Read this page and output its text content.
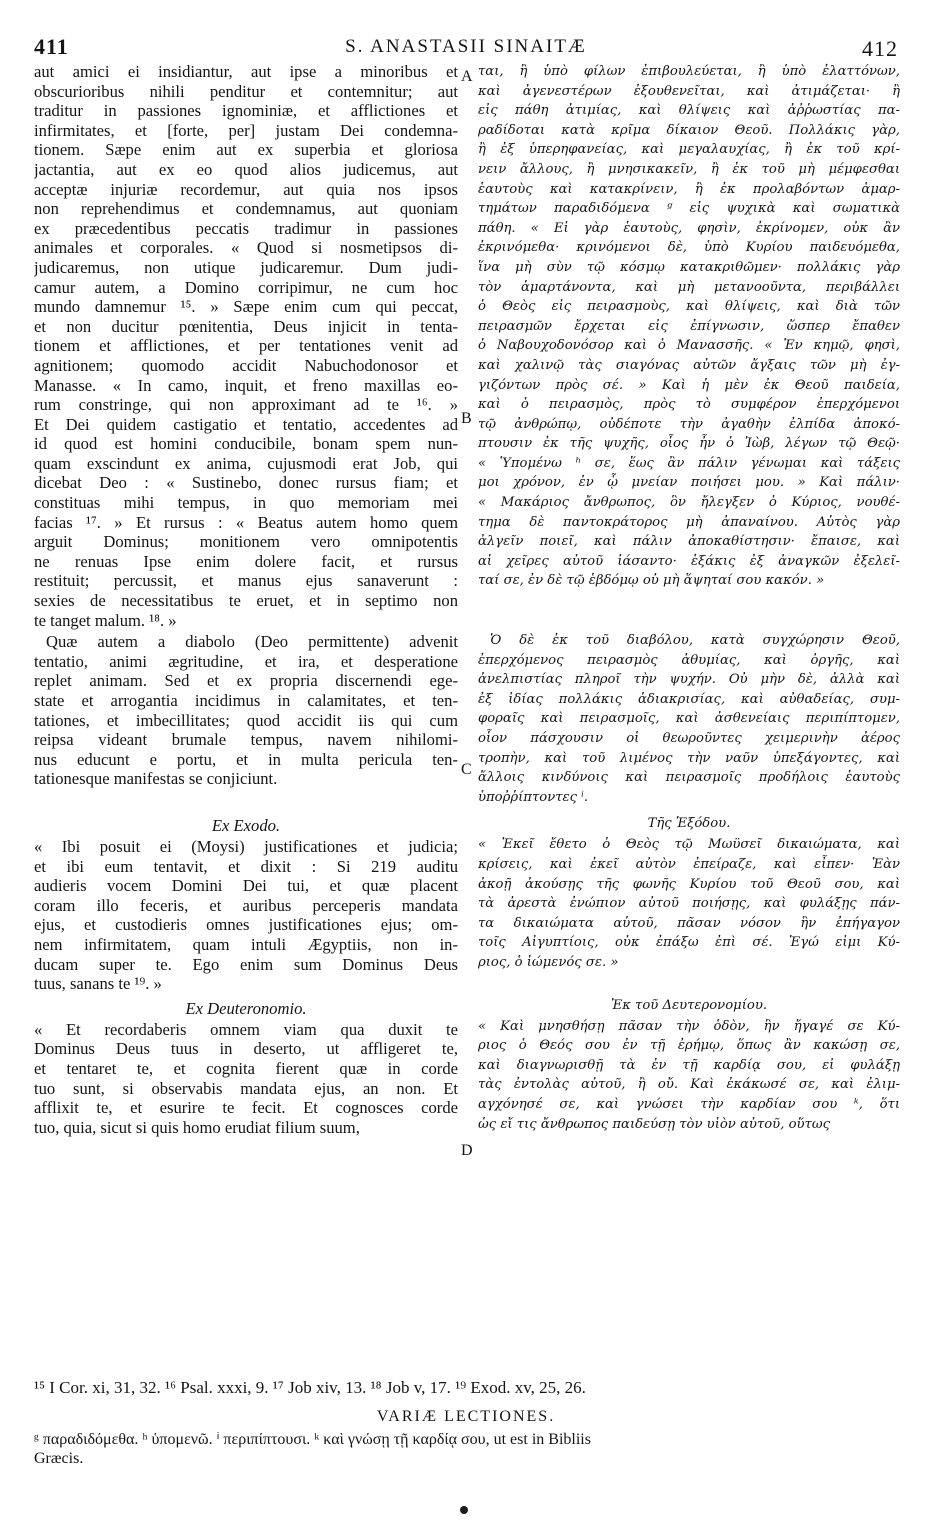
411	S. ANASTASII SINAITÆ	412
aut amici ei insidiantur, aut ipse a minoribus et
obscurioribus nihili penditur et contemnitur; aut
traditur in passiones ignominiæ, et afflictiones et
infirmitates, et [forte, per] justam Dei condemna-
tionem. Sæpe enim aut ex superbia et gloriosa
jactantia, aut ex eo quod alios judicemus, aut
acceptæ injuriæ recordemur, aut quia nos ipsos
non reprehendimus et condemnamus, aut quoniam
ex præcedentibus peccatis tradimur in passiones
animales et corporales. « Quod si nosmetipsos di-
judicaremus, non utique judicaremur. Dum judi-
camur autem, a Domino corripimur, ne cum hoc
mundo damnemur ¹⁵. » Sæpe enim cum qui peccat,
et non ducitur pœnitentia, Deus injicit in tenta-
tionem et afflictiones, et per tentationes venit ad
agnitionem; quomodo accidit Nabuchodonosor et
Manasse. « In camo, inquit, et freno maxillas eo-
rum constringe, qui non approximant ad te ¹⁶. »
Et Dei quidem castigatio et tentatio, accedentes ad
id quod est homini conducibile, bonam spem nun-
quam exscindunt ex anima, cujusmodi erat Job, qui
dicebat Deo : « Sustinebo, donec rursus fiam; et
constituas mihi tempus, in quo memoriam mei
facias ¹⁷. » Et rursus : « Beatus autem homo quem
arguit Dominus; monitionem vero omnipotentis
ne renuas Ipse enim dolere facit, et rursus
restituit; percussit, et manus ejus sanaverunt :
sexies de necessitatibus te eruet, et in septimo non
te tanget malum. ¹⁸. »
Quæ autem a diabolo (Deo permittente) advenit
tentatio, animi ægritudine, et ira, et desperatione
replet animam. Sed et ex propria discernendi ege-
state et arrogantia incidimus in calamitates, et ten-
tationes, et imbecillitates; quod accidit iis qui cum
reipsa videant brumale tempus, navem nihilomi-
nus educunt e portu, et in multa pericula ten-
tationesque manifestas se conjiciunt.
Ex Exodo.
« Ibi posuit ei (Moysi) justificationes et judicia;
et ibi eum tentavit, et dixit : Si 219 auditu
audieris vocem Domini Dei tui, et quæ placent
coram illo feceris, et auribus perceperis mandata
ejus, et custodieris omnes justificationes ejus; om-
nem infirmitatem, quam intuli Ægyptiis, non in-
ducam super te. Ego enim sum Dominus Deus
tuus, sanans te ¹⁹. »
Ex Deuteronomio.
« Et recordaberis omnem viam qua duxit te
Dominus Deus tuus in deserto, ut affligeret te,
et tentaret te, et cognita fierent quæ in corde
tuo sunt, si observabis mandata ejus, an non. Et
afflixit te, et esurire te fecit. Et cognosces corde
tuo, quia, sicut si quis homo erudiat filium suum,
A
B
C
D
ται, ἢ ὑπὸ φίλων ἐπιβουλεύεται, ἢ ὑπὸ ἐλαττόνων,
καὶ ἀγενεστέρων ἐξουθενεῖται, καὶ ἀτιμάζεται· ἢ
εἰς πάθη ἀτιμίας, καὶ θλίψεις καὶ ἀῤῥωστίας πα-
ραδίδοται κατὰ κρῖμα δίκαιον Θεοῦ. Πολλάκις γὰρ,
ἢ ἐξ ὑπερηφανείας, καὶ μεγαλαυχίας, ἢ ἐκ τοῦ κρί-
νειν ἄλλους, ἢ μνησικακεῖν, ἢ ἐκ τοῦ μὴ μέμφεσθαι
ἑαυτοὺς καὶ κατακρίνειν, ἢ ἐκ προλαβόντων ἁμαρ-
τημάτων παραδιδόμενα ᵍ εἰς ψυχικὰ καὶ σωματικὰ
πάθη. « Εἰ γὰρ ἑαυτοὺς, φησὶν, ἐκρίνομεν, οὐκ ἂν
ἐκρινόμεθα· κρινόμενοι δὲ, ὑπὸ Κυρίου παιδευόμεθα,
ἵνα μὴ σὺν τῷ κόσμῳ κατακριθῶμεν· πολλάκις γὰρ
τὸν ἁμαρτάνοντα, καὶ μὴ μετανοοῦντα, περιβάλλει
ὁ Θεὸς εἰς πειρασμοὺς, καὶ θλίψεις, καὶ διὰ τῶν
πειρασμῶν ἔρχεται εἰς ἐπίγνωσιν, ὥσπερ ἔπαθεν
ὁ Ναβουχοδονόσορ καὶ ὁ Μανασσῆς. « Ἐν κημῷ, φησὶ,
καὶ χαλινῷ τὰς σιαγόνας αὐτῶν ἄγξαις τῶν μὴ ἐγ-
γιζόντων πρὸς σέ. » Καὶ ἡ μὲν ἐκ Θεοῦ παιδεία,
καὶ ὁ πειρασμὸς, πρὸς τὸ συμφέρον ἐπερχόμενοι
τῷ ἀνθρώπῳ, οὐδέποτε τὴν ἀγαθὴν ἐλπίδα ἀποκό-
πτουσιν ἐκ τῆς ψυχῆς, οἷος ἦν ὁ Ἰὼβ, λέγων τῷ Θεῷ·
« Ὑπομένω ʰ σε, ἕως ἂν πάλιν γένωμαι καὶ τάξεις
μοι χρόνον, ἐν ᾧ μνείαν ποιήσει μου. » Καὶ πάλιν·
« Μακάριος ἄνθρωπος, ὃν ἤλεγξεν ὁ Κύριος, νουθέ-
τημα δὲ παντοκράτορος μὴ ἀπαναίνου. Αὐτὸς γὰρ
ἀλγεῖν ποιεῖ, καὶ πάλιν ἀποκαθίστησιν· ἔπαισε, καὶ
αἱ χεῖρες αὐτοῦ ἰάσαντο· ἑξάκις ἐξ ἀναγκῶν ἐξελεῖ-
ταί σε, ἐν δὲ τῷ ἑβδόμῳ οὐ μὴ ἅψηταί σου κακόν. »
Ὁ δὲ ἐκ τοῦ διαβόλου, κατὰ συγχώρησιν Θεοῦ,
ἐπερχόμενος πειρασμὸς ἀθυμίας, καὶ ὀργῆς, καὶ
ἀνελπιστίας πληροῖ τὴν ψυχήν. Οὐ μὴν δὲ, ἀλλὰ καὶ
ἐξ ἰδίας πολλάκις ἀδιακρισίας, καὶ αὐθαδείας, συμ-
φοραῖς καὶ πειρασμοῖς, καὶ ἀσθενείαις περιπίπτομεν,
οἷον πάσχουσιν οἱ θεωροῦντες χειμερινὴν ἀέρος
τροπὴν, καὶ τοῦ λιμένος τὴν ναῦν ὑπεξάγοντες, καὶ
ἄλλοις κινδύνοις καὶ πειρασμοῖς προδήλοις ἑαυτοὺς
ὑποῤῥίπτοντες ⁱ.
Τῆς Ἐξόδου.
« Ἐκεῖ ἔθετο ὁ Θεὸς τῷ Μωϋσεῖ δικαιώματα, καὶ
κρίσεις, καὶ ἐκεῖ αὐτὸν ἐπείραζε, καὶ εἶπεν· Ἐὰν
ἀκοῇ ἀκούσῃς τῆς φωνῆς Κυρίου τοῦ Θεοῦ σου, καὶ
τὰ ἀρεστὰ ἐνώπιον αὐτοῦ ποιήσῃς, καὶ φυλάξῃς πάν-
τα δικαιώματα αὐτοῦ, πᾶσαν νόσον ἣν ἐπήγαγον
τοῖς Αἰγυπτίοις, οὐκ ἐπάξω ἐπὶ σέ. Ἐγώ εἰμι Κύ-
ριος, ὁ ἰώμενός σε. »
Ἐκ τοῦ Δευτερονομίου.
« Καὶ μνησθήσῃ πᾶσαν τὴν ὁδὸν, ἣν ἤγαγέ σε Κύ-
ριος ὁ Θεός σου ἐν τῇ ἐρήμῳ, ὅπως ἂν κακώσῃ σε,
καὶ διαγνωρισθῇ τὰ ἐν τῇ καρδίᾳ σου, εἰ φυλάξῃ
τὰς ἐντολὰς αὐτοῦ, ἢ οὔ. Καὶ ἐκάκωσέ σε, καὶ ἐλιμ-
αγχόνησέ σε, καὶ γνώσει τὴν καρδίαν σου ᵏ, ὅτι
ὡς εἴ τις ἄνθρωπος παιδεύσῃ τὸν υἱὸν αὐτοῦ, οὕτως
¹⁵ I Cor. xi, 31, 32. ¹⁶ Psal. xxxi, 9. ¹⁷ Job xiv, 13. ¹⁸ Job v, 17. ¹⁹ Exod. xv, 25, 26.
VARIÆ LECTIONES.
ᵍ παραδιδόμεθα. ʰ ὑπομενῶ. ⁱ περιπίπτουσι. ᵏ καὶ γνώσῃ τῇ καρδίᾳ σου, ut est in Bibliis
Græcis.
